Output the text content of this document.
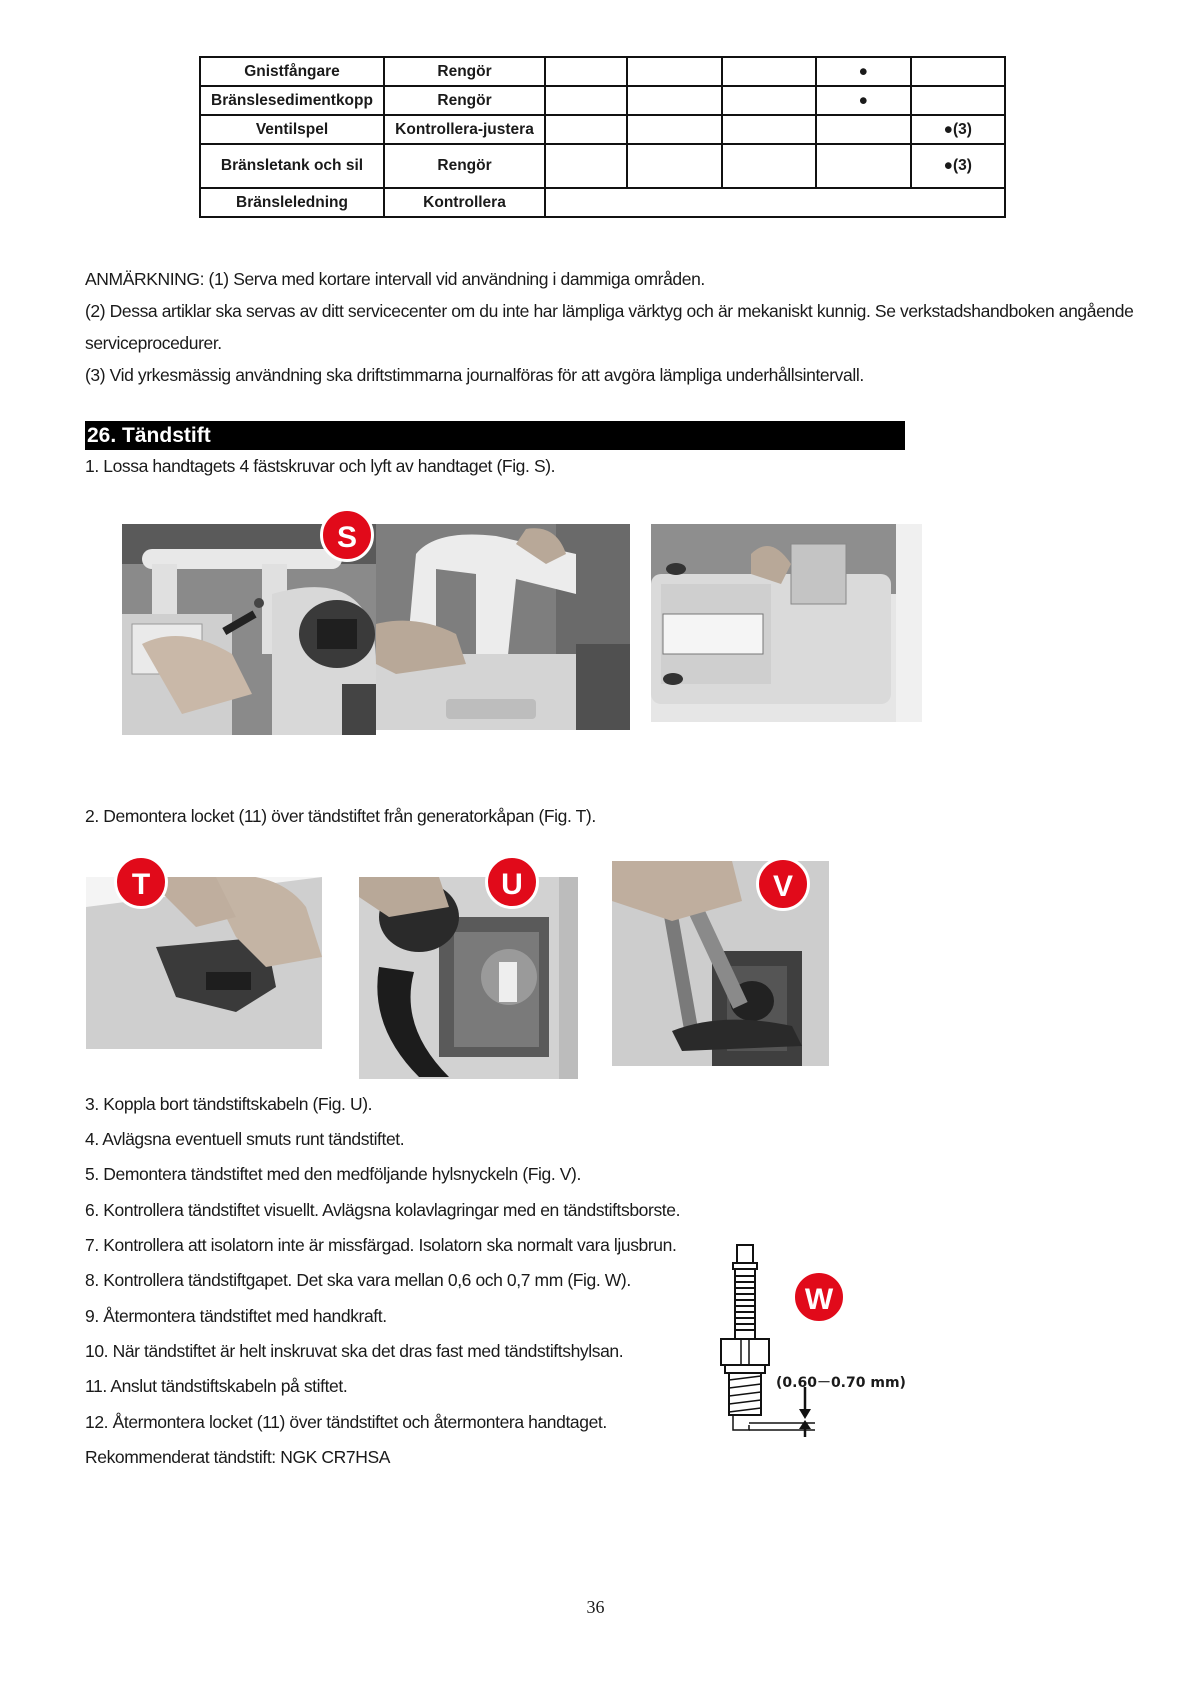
Gnistfångare	Rengör				●	
Bränslesedimentkopp	Rengör				●	
Ventilspel	Kontrollera-justera					●(3)
Bränsletank och sil	Rengör					●(3)
Bränsleledning	Kontrollera					
ANMÄRKNING: (1) Serva med kortare intervall vid användning i dammiga områden.
(2) Dessa artiklar ska servas av ditt servicecenter om du inte har lämpliga värktyg och är mekaniskt kunnig. Se verkstadshandboken angående
serviceprocedurer.
(3) Vid yrkesmässig användning ska driftstimmarna journalföras för att avgöra lämpliga underhållsintervall.
26. Tändstift
1. Lossa handtagets 4 fästskruvar och lyft av handtaget (Fig. S).
S
2. Demontera locket (11) över tändstiftet från generatorkåpan (Fig. T).
T	U	V
3. Koppla bort tändstiftskabeln (Fig. U).
4. Avlägsna eventuell smuts runt tändstiftet.
5. Demontera tändstiftet med den medföljande hylsnyckeln (Fig. V).
6. Kontrollera tändstiftet visuellt. Avlägsna kolavlagringar med en tändstiftsborste.
7. Kontrollera att isolatorn inte är missfärgad. Isolatorn ska normalt vara ljusbrun.
8. Kontrollera tändstiftgapet. Det ska vara mellan 0,6 och 0,7 mm (Fig. W).
9. Återmontera tändstiftet med handkraft.
10. När tändstiftet är helt inskruvat ska det dras fast med tändstiftshylsan.
11. Anslut tändstiftskabeln på stiftet.
12. Återmontera locket (11) över tändstiftet och återmontera handtaget.
Rekommenderat tändstift: NGK CR7HSA
(0.60－0.70 mm)
W
36
